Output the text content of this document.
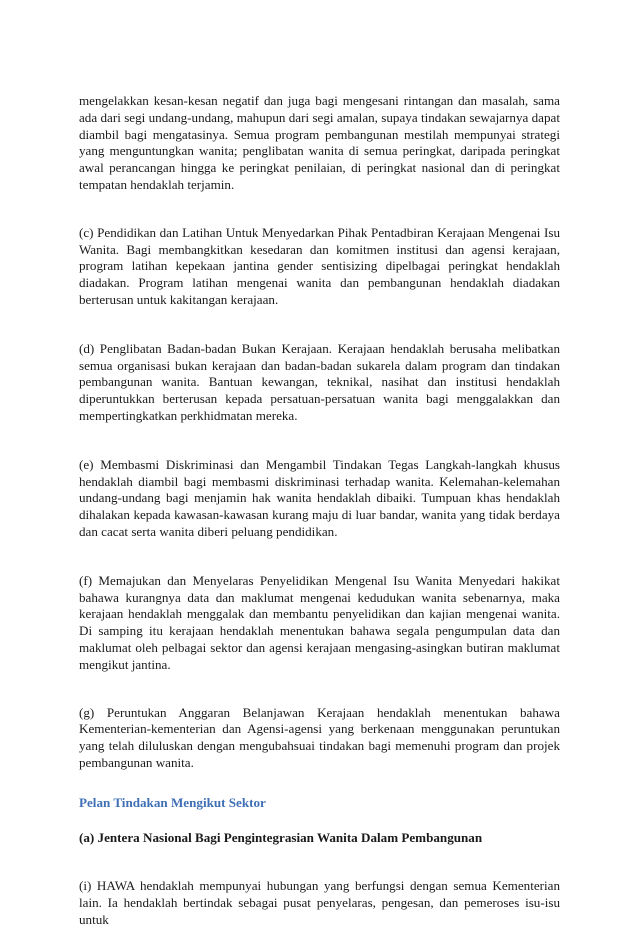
mengelakkan kesan-kesan negatif dan juga bagi mengesani rintangan dan masalah, sama ada dari segi undang-undang, mahupun dari segi amalan, supaya tindakan sewajarnya dapat diambil bagi mengatasinya. Semua program pembangunan mestilah mempunyai strategi yang menguntungkan wanita; penglibatan wanita di semua peringkat, daripada peringkat awal perancangan hingga ke peringkat penilaian, di peringkat nasional dan di peringkat tempatan hendaklah terjamin.

(c) Pendidikan dan Latihan Untuk Menyedarkan Pihak Pentadbiran Kerajaan Mengenai Isu Wanita. Bagi membangkitkan kesedaran dan komitmen institusi dan agensi kerajaan, program latihan kepekaan jantina gender sentisizing dipelbagai peringkat hendaklah diadakan. Program latihan mengenai wanita dan pembangunan hendaklah diadakan berterusan untuk kakitangan kerajaan.

(d) Penglibatan Badan-badan Bukan Kerajaan. Kerajaan hendaklah berusaha melibatkan semua organisasi bukan kerajaan dan badan-badan sukarela dalam program dan tindakan pembangunan wanita. Bantuan kewangan, teknikal, nasihat dan institusi hendaklah diperuntukkan berterusan kepada persatuan-persatuan wanita bagi menggalakkan dan mempertingkatkan perkhidmatan mereka.

(e) Membasmi Diskriminasi dan Mengambil Tindakan Tegas Langkah-langkah khusus hendaklah diambil bagi membasmi diskriminasi terhadap wanita. Kelemahan-kelemahan undang-undang bagi menjamin hak wanita hendaklah dibaiki. Tumpuan khas hendaklah dihalakan kepada kawasan-kawasan kurang maju di luar bandar, wanita yang tidak berdaya dan cacat serta wanita diberi peluang pendidikan.

(f) Memajukan dan Menyelaras Penyelidikan Mengenal Isu Wanita Menyedari hakikat bahawa kurangnya data dan maklumat mengenai kedudukan wanita sebenarnya, maka kerajaan hendaklah menggalak dan membantu penyelidikan dan kajian mengenai wanita. Di samping itu kerajaan hendaklah menentukan bahawa segala pengumpulan data dan maklumat oleh pelbagai sektor dan agensi kerajaan mengasing-asingkan butiran maklumat mengikut jantina.

(g) Peruntukan Anggaran Belanjawan Kerajaan hendaklah menentukan bahawa Kementerian-kementerian dan Agensi-agensi yang berkenaan menggunakan peruntukan yang telah diluluskan dengan mengubahsuai tindakan bagi memenuhi program dan projek pembangunan wanita.

Pelan Tindakan Mengikut Sektor

(a) Jentera Nasional Bagi Pengintegrasian Wanita Dalam Pembangunan

(i) HAWA hendaklah mempunyai hubungan yang berfungsi dengan semua Kementerian lain. Ia hendaklah bertindak sebagai pusat penyelaras, pengesan, dan pemeroses isu-isu untuk
